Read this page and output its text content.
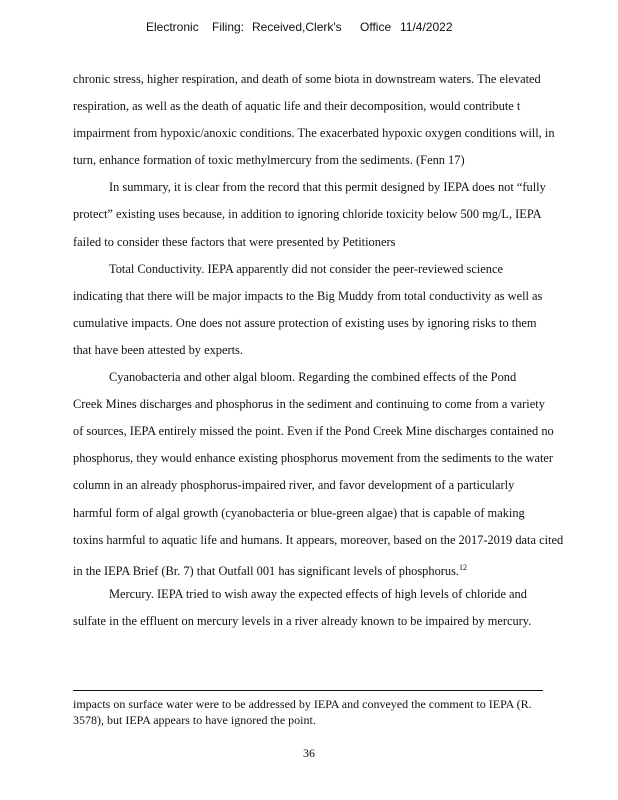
Electronic Filing: Received,Clerk's Office 11/4/2022
chronic stress, higher respiration, and death of some biota in downstream waters. The elevated
respiration, as well as the death of aquatic life and their decomposition, would contribute t
impairment from hypoxic/anoxic conditions. The exacerbated hypoxic oxygen conditions will, in
turn, enhance formation of toxic methylmercury from the sediments. (Fenn 17)
In summary, it is clear from the record that this permit designed by IEPA does not “fully
protect” existing uses because, in addition to ignoring chloride toxicity below 500 mg/L, IEPA
failed to consider these factors that were presented by Petitioners
Total Conductivity. IEPA apparently did not consider the peer-reviewed science
indicating that there will be major impacts to the Big Muddy from total conductivity as well as
cumulative impacts. One does not assure protection of existing uses by ignoring risks to them
that have been attested by experts.
Cyanobacteria and other algal bloom. Regarding the combined effects of the Pond
Creek Mines discharges and phosphorus in the sediment and continuing to come from a variety
of sources, IEPA entirely missed the point. Even if the Pond Creek Mine discharges contained no
phosphorus, they would enhance existing phosphorus movement from the sediments to the water
column in an already phosphorus-impaired river, and favor development of a particularly
harmful form of algal growth (cyanobacteria or blue-green algae) that is capable of making
toxins harmful to aquatic life and humans. It appears, moreover, based on the 2017-2019 data cited
in the IEPA Brief (Br. 7) that Outfall 001 has significant levels of phosphorus.$^{12}$
Mercury. IEPA tried to wish away the expected effects of high levels of chloride and
sulfate in the effluent on mercury levels in a river already known to be impaired by mercury.
impacts on surface water were to be addressed by IEPA and conveyed the comment to IEPA (R.
3578), but IEPA appears to have ignored the point.
36
